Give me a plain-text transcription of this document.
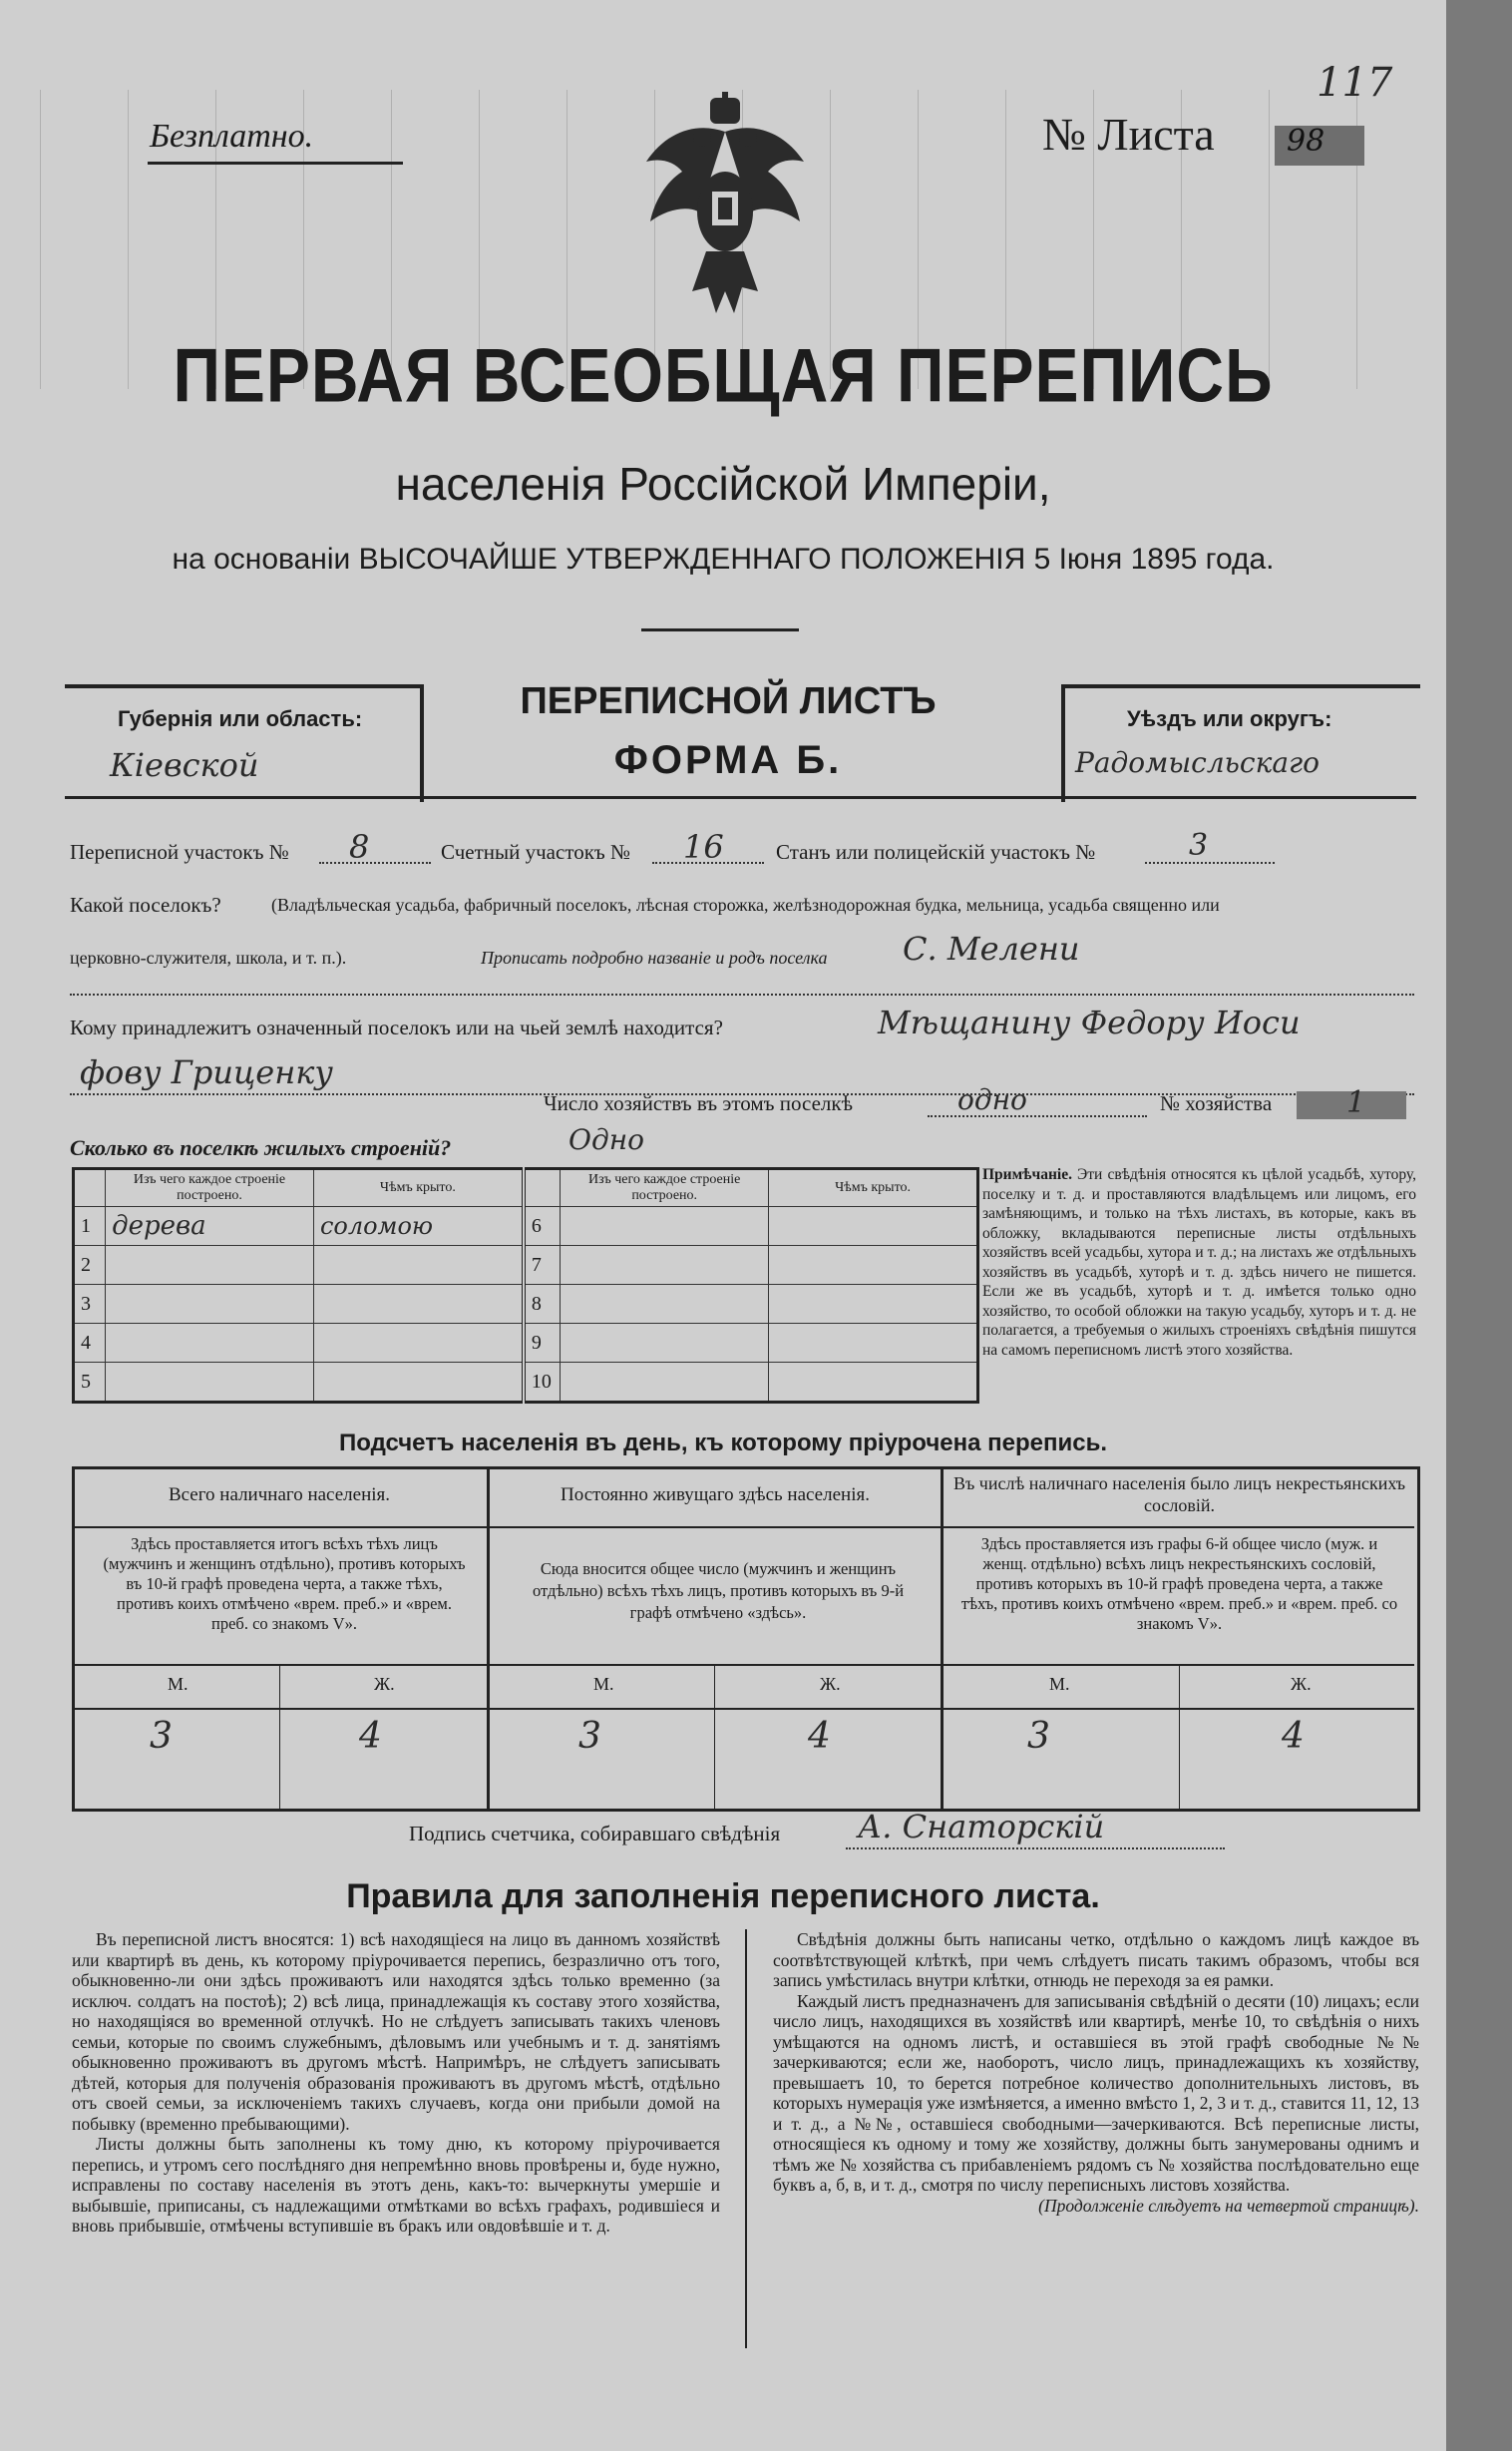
Безплатно.	№ Листа 98
117
ПЕРВАЯ ВСЕОБЩАЯ ПЕРЕПИСЬ
населенія Россійской Имперіи,
на основаніи ВЫСОЧАЙШЕ УТВЕРЖДЕННАГО ПОЛОЖЕНІЯ 5 Іюня 1895 года.
Губернія или область:
Кіевской
ПЕРЕПИСНОЙ ЛИСТЪ
ФОРМА Б.
Уѣздъ или округъ:
Радомысльскаго
Переписной участокъ № 8	Счетный участокъ № 16 Станъ или полицейскій участокъ №	3
Какой поселокъ?	(Владѣльческая усадьба, фабричный поселокъ, лѣсная сторожка, желѣзнодорожная будка, мельница, усадьба священно или
церковно-служителя, школа, и т. п.).	Прописать подробно названіе и родъ поселка С. Мелени
Кому принадлежитъ означенный поселокъ или на чьей землѣ находится?	Мѣщанину Федору Иоси
фову Гриценку
Число хозяйствъ въ этомъ поселкѣ	одно	№ хозяйства 1
Сколько въ поселкѣ жилыхъ строеній?	Одно
	Изъ чего каждое строеніе построено.	Чѣмъ крыто.		Изъ чего каждое строеніе построено.	Чѣмъ крыто.
1	дерева	соломою	6		
2			7		
3			8		
4			9		
5			10		
Примѣчаніе. Эти свѣдѣнія относятся къ цѣлой усадьбѣ, хутору, поселку и т. д. и проставляются владѣльцемъ или лицомъ, его замѣняющимъ, и только на тѣхъ листахъ, въ которые, какъ въ обложку, вкладываются переписные листы отдѣльныхъ хозяйствъ всей усадьбы, хутора и т. д.; на листахъ же отдѣльныхъ хозяйствъ въ усадьбѣ, хуторѣ и т. д. здѣсь ничего не пишется. Если же въ усадьбѣ, хуторѣ и т. д. имѣется только одно хозяйство, то особой обложки на такую усадьбу, хуторъ и т. д. не полагается, а требуемыя о жилыхъ строеніяхъ свѣдѣнія пишутся на самомъ переписномъ листѣ этого хозяйства.
Подсчетъ населенія въ день, къ которому пріурочена перепись.
Всего наличнаго населенія.	Постоянно живущаго здѣсь населенія.
Въ числѣ наличнаго населенія было лицъ некрестьянскихъ сословій.
Здѣсь проставляется итогъ всѣхъ тѣхъ лицъ (мужчинъ и женщинъ отдѣльно), противъ которыхъ въ 10-й графѣ проведена черта, а также тѣхъ, противъ коихъ отмѣчено «врем. преб.» и «врем. преб. со знакомъ V».
Сюда вносится общее число (мужчинъ и женщинъ отдѣльно) всѣхъ тѣхъ лицъ, противъ которыхъ въ 9-й графѣ отмѣчено «здѣсь».
Здѣсь проставляется изъ графы 6-й общее число (муж. и женщ. отдѣльно) всѣхъ лицъ некрестьянскихъ сословій, противъ которыхъ въ 10-й графѣ проведена черта, а также тѣхъ, противъ коихъ отмѣчено «врем. преб.» и «врем. преб. со знакомъ V».
М.	Ж.	М.	Ж.	М.	Ж.
3	4	3	4	3	4
Подпись счетчика, собиравшаго свѣдѣнія А. Снаторскій
Правила для заполненія переписного листа.

Въ переписной листъ вносятся: 1) всѣ находящіеся на лицо въ данномъ хозяйствѣ или квартирѣ въ день, къ которому пріурочивается перепись, безразлично отъ того, обыкновенно-ли они здѣсь проживаютъ или находятся здѣсь только временно (за исключ. солдатъ на постоѣ); 2) всѣ лица, принадлежащія къ составу этого хозяйства, но находящіяся во временной отлучкѣ. Но не слѣдуетъ записывать такихъ членовъ семьи, которые по своимъ служебнымъ, дѣловымъ или учебнымъ и т. д. занятіямъ обыкновенно проживаютъ въ другомъ мѣстѣ. Напримѣръ, не слѣдуетъ записывать дѣтей, которыя для полученія образованія проживаютъ въ другомъ мѣстѣ, отдѣльно отъ своей семьи, за исключеніемъ такихъ случаевъ, когда они прибыли домой на побывку (временно пребывающими).

Листы должны быть заполнены къ тому дню, къ которому пріурочивается перепись, и утромъ сего послѣдняго дня непремѣнно вновь провѣрены и, буде нужно, исправлены по составу населенія въ этотъ день, какъ-то: вычеркнуты умершіе и выбывшіе, приписаны, съ надлежащими отмѣтками во всѣхъ графахъ, родившіеся и вновь прибывшіе, отмѣчены вступившіе въ бракъ или овдовѣвшіе и т. д.

Свѣдѣнія должны быть написаны четко, отдѣльно о каждомъ лицѣ каждое въ соотвѣтствующей клѣткѣ, при чемъ слѣдуетъ писать такимъ образомъ, чтобы вся запись умѣстилась внутри клѣтки, отнюдь не переходя за ея рамки.

Каждый листъ предназначенъ для записыванія свѣдѣній о десяти (10) лицахъ; если число лицъ, находящихся въ хозяйствѣ или квартирѣ, менѣе 10, то свѣдѣнія о нихъ умѣщаются на одномъ листѣ, и оставшіеся въ этой графѣ свободные №№ зачеркиваются; если же, наоборотъ, число лицъ, принадлежащихъ къ хозяйству, превышаетъ 10, то берется потребное количество дополнительныхъ листовъ, въ которыхъ нумерація уже измѣняется, а именно вмѣсто 1, 2, 3 и т. д., ставится 11, 12, 13 и т. д., а №№, оставшіеся свободными—зачеркиваются. Всѣ переписные листы, относящіеся къ одному и тому же хозяйству, должны быть занумерованы однимъ и тѣмъ же № хозяйства съ прибавленіемъ рядомъ съ № хозяйства послѣдовательно еще буквъ а, б, в, и т. д., смотря по числу переписныхъ листовъ хозяйства.

(Продолженіе слѣдуетъ на четвертой страницѣ).
